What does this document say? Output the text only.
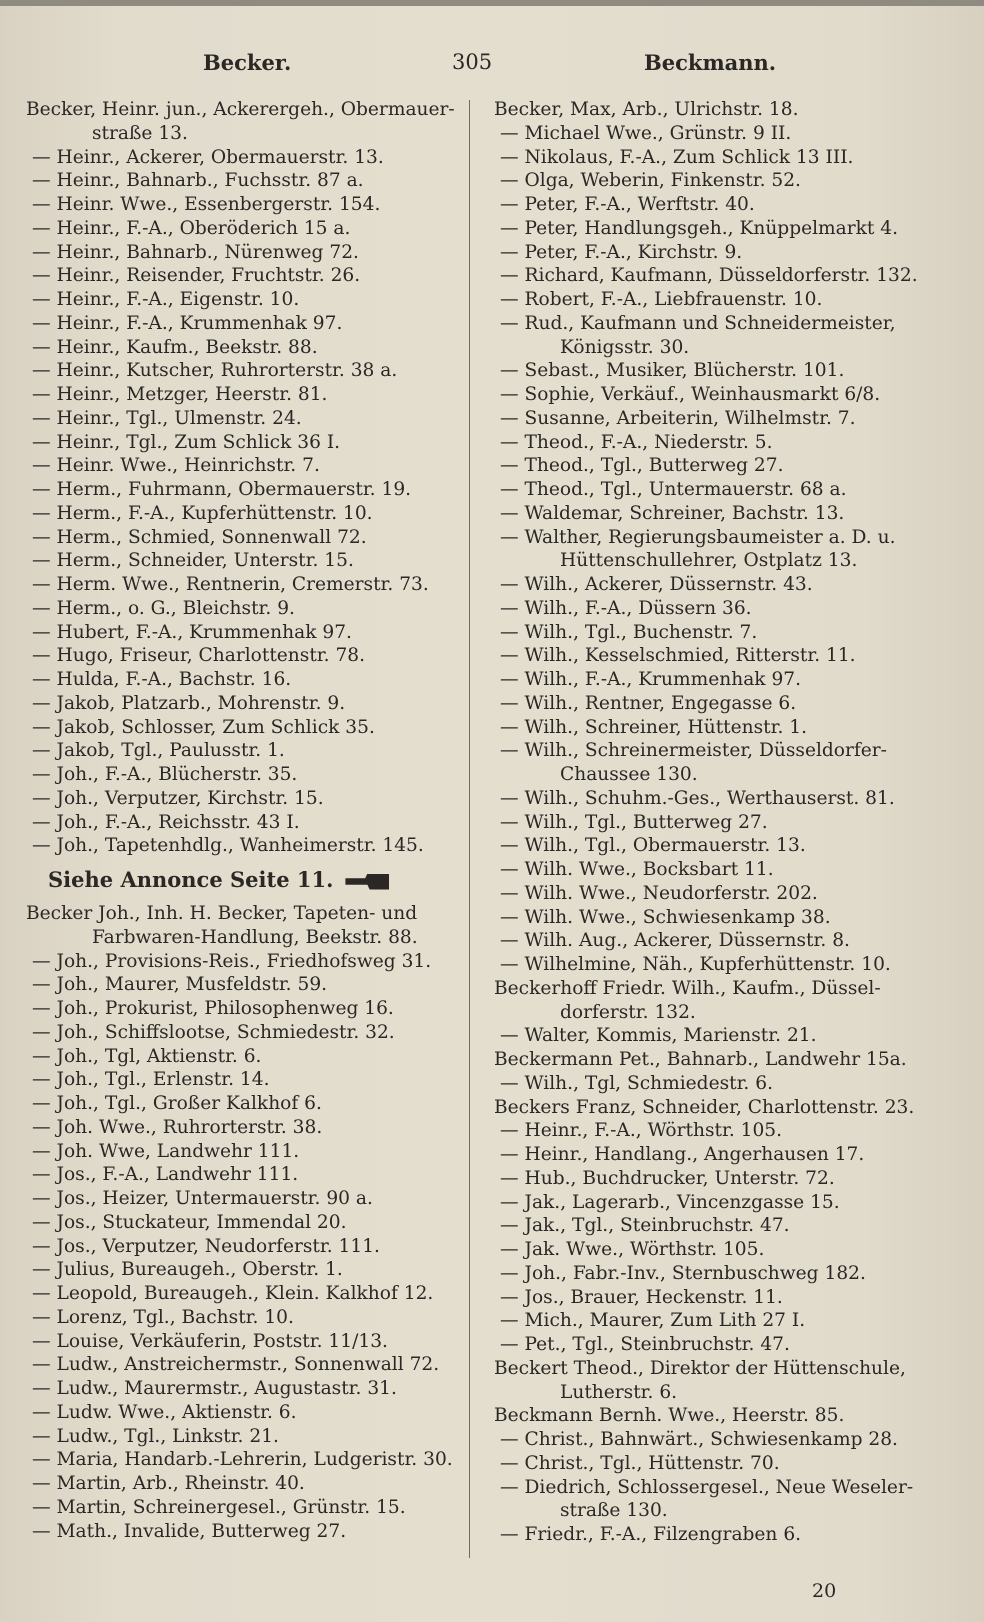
Becker.	305	Beckmann.
Becker, Heinr. jun., Ackerergeh., Obermauer-
straße 13.
— Heinr., Ackerer, Obermauerstr. 13.
— Heinr., Bahnarb., Fuchsstr. 87 a.
— Heinr. Wwe., Essenbergerstr. 154.
— Heinr., F.-A., Oberöderich 15 a.
— Heinr., Bahnarb., Nürenweg 72.
— Heinr., Reisender, Fruchtstr. 26.
— Heinr., F.-A., Eigenstr. 10.
— Heinr., F.-A., Krummenhak 97.
— Heinr., Kaufm., Beekstr. 88.
— Heinr., Kutscher, Ruhrorterstr. 38 a.
— Heinr., Metzger, Heerstr. 81.
— Heinr., Tgl., Ulmenstr. 24.
— Heinr., Tgl., Zum Schlick 36 I.
— Heinr. Wwe., Heinrichstr. 7.
— Herm., Fuhrmann, Obermauerstr. 19.
— Herm., F.-A., Kupferhüttenstr. 10.
— Herm., Schmied, Sonnenwall 72.
— Herm., Schneider, Unterstr. 15.
— Herm. Wwe., Rentnerin, Cremerstr. 73.
— Herm., o. G., Bleichstr. 9.
— Hubert, F.-A., Krummenhak 97.
— Hugo, Friseur, Charlottenstr. 78.
— Hulda, F.-A., Bachstr. 16.
— Jakob, Platzarb., Mohrenstr. 9.
— Jakob, Schlosser, Zum Schlick 35.
— Jakob, Tgl., Paulusstr. 1.
— Joh., F.-A., Blücherstr. 35.
— Joh., Verputzer, Kirchstr. 15.
— Joh., F.-A., Reichsstr. 43 I.
— Joh., Tapetenhdlg., Wanheimerstr. 145.
Siehe Annonce Seite 11.
Becker Joh., Inh. H. Becker, Tapeten- und
Farbwaren-Handlung, Beekstr. 88.
— Joh., Provisions-Reis., Friedhofsweg 31.
— Joh., Maurer, Musfeldstr. 59.
— Joh., Prokurist, Philosophenweg 16.
— Joh., Schiffslootse, Schmiedestr. 32.
— Joh., Tgl, Aktienstr. 6.
— Joh., Tgl., Erlenstr. 14.
— Joh., Tgl., Großer Kalkhof 6.
— Joh. Wwe., Ruhrorterstr. 38.
— Joh. Wwe, Landwehr 111.
— Jos., F.-A., Landwehr 111.
— Jos., Heizer, Untermauerstr. 90 a.
— Jos., Stuckateur, Immendal 20.
— Jos., Verputzer, Neudorferstr. 111.
— Julius, Bureaugeh., Oberstr. 1.
— Leopold, Bureaugeh., Klein. Kalkhof 12.
— Lorenz, Tgl., Bachstr. 10.
— Louise, Verkäuferin, Poststr. 11/13.
— Ludw., Anstreichermstr., Sonnenwall 72.
— Ludw., Maurermstr., Augustastr. 31.
— Ludw. Wwe., Aktienstr. 6.
— Ludw., Tgl., Linkstr. 21.
— Maria, Handarb.-Lehrerin, Ludgeristr. 30.
— Martin, Arb., Rheinstr. 40.
— Martin, Schreinergesel., Grünstr. 15.
— Math., Invalide, Butterweg 27.
Becker, Max, Arb., Ulrichstr. 18.
— Michael Wwe., Grünstr. 9 II.
— Nikolaus, F.-A., Zum Schlick 13 III.
— Olga, Weberin, Finkenstr. 52.
— Peter, F.-A., Werftstr. 40.
— Peter, Handlungsgeh., Knüppelmarkt 4.
— Peter, F.-A., Kirchstr. 9.
— Richard, Kaufmann, Düsseldorferstr. 132.
— Robert, F.-A., Liebfrauenstr. 10.
— Rud., Kaufmann und Schneidermeister,
Königsstr. 30.
— Sebast., Musiker, Blücherstr. 101.
— Sophie, Verkäuf., Weinhausmarkt 6/8.
— Susanne, Arbeiterin, Wilhelmstr. 7.
— Theod., F.-A., Niederstr. 5.
— Theod., Tgl., Butterweg 27.
— Theod., Tgl., Untermauerstr. 68 a.
— Waldemar, Schreiner, Bachstr. 13.
— Walther, Regierungsbaumeister a. D. u.
Hüttenschullehrer, Ostplatz 13.
— Wilh., Ackerer, Düssernstr. 43.
— Wilh., F.-A., Düssern 36.
— Wilh., Tgl., Buchenstr. 7.
— Wilh., Kesselschmied, Ritterstr. 11.
— Wilh., F.-A., Krummenhak 97.
— Wilh., Rentner, Engegasse 6.
— Wilh., Schreiner, Hüttenstr. 1.
— Wilh., Schreinermeister, Düsseldorfer-
Chaussee 130.
— Wilh., Schuhm.-Ges., Werthauserst. 81.
— Wilh., Tgl., Butterweg 27.
— Wilh., Tgl., Obermauerstr. 13.
— Wilh. Wwe., Bocksbart 11.
— Wilh. Wwe., Neudorferstr. 202.
— Wilh. Wwe., Schwiesenkamp 38.
— Wilh. Aug., Ackerer, Düssernstr. 8.
— Wilhelmine, Näh., Kupferhüttenstr. 10.
Beckerhoff Friedr. Wilh., Kaufm., Düssel-
dorferstr. 132.
— Walter, Kommis, Marienstr. 21.
Beckermann Pet., Bahnarb., Landwehr 15a.
— Wilh., Tgl, Schmiedestr. 6.
Beckers Franz, Schneider, Charlottenstr. 23.
— Heinr., F.-A., Wörthstr. 105.
— Heinr., Handlang., Angerhausen 17.
— Hub., Buchdrucker, Unterstr. 72.
— Jak., Lagerarb., Vincenzgasse 15.
— Jak., Tgl., Steinbruchstr. 47.
— Jak. Wwe., Wörthstr. 105.
— Joh., Fabr.-Inv., Sternbuschweg 182.
— Jos., Brauer, Heckenstr. 11.
— Mich., Maurer, Zum Lith 27 I.
— Pet., Tgl., Steinbruchstr. 47.
Beckert Theod., Direktor der Hüttenschule,
Lutherstr. 6.
Beckmann Bernh. Wwe., Heerstr. 85.
— Christ., Bahnwärt., Schwiesenkamp 28.
— Christ., Tgl., Hüttenstr. 70.
— Diedrich, Schlossergesel., Neue Weseler-
straße 130.
— Friedr., F.-A., Filzengraben 6.
20
